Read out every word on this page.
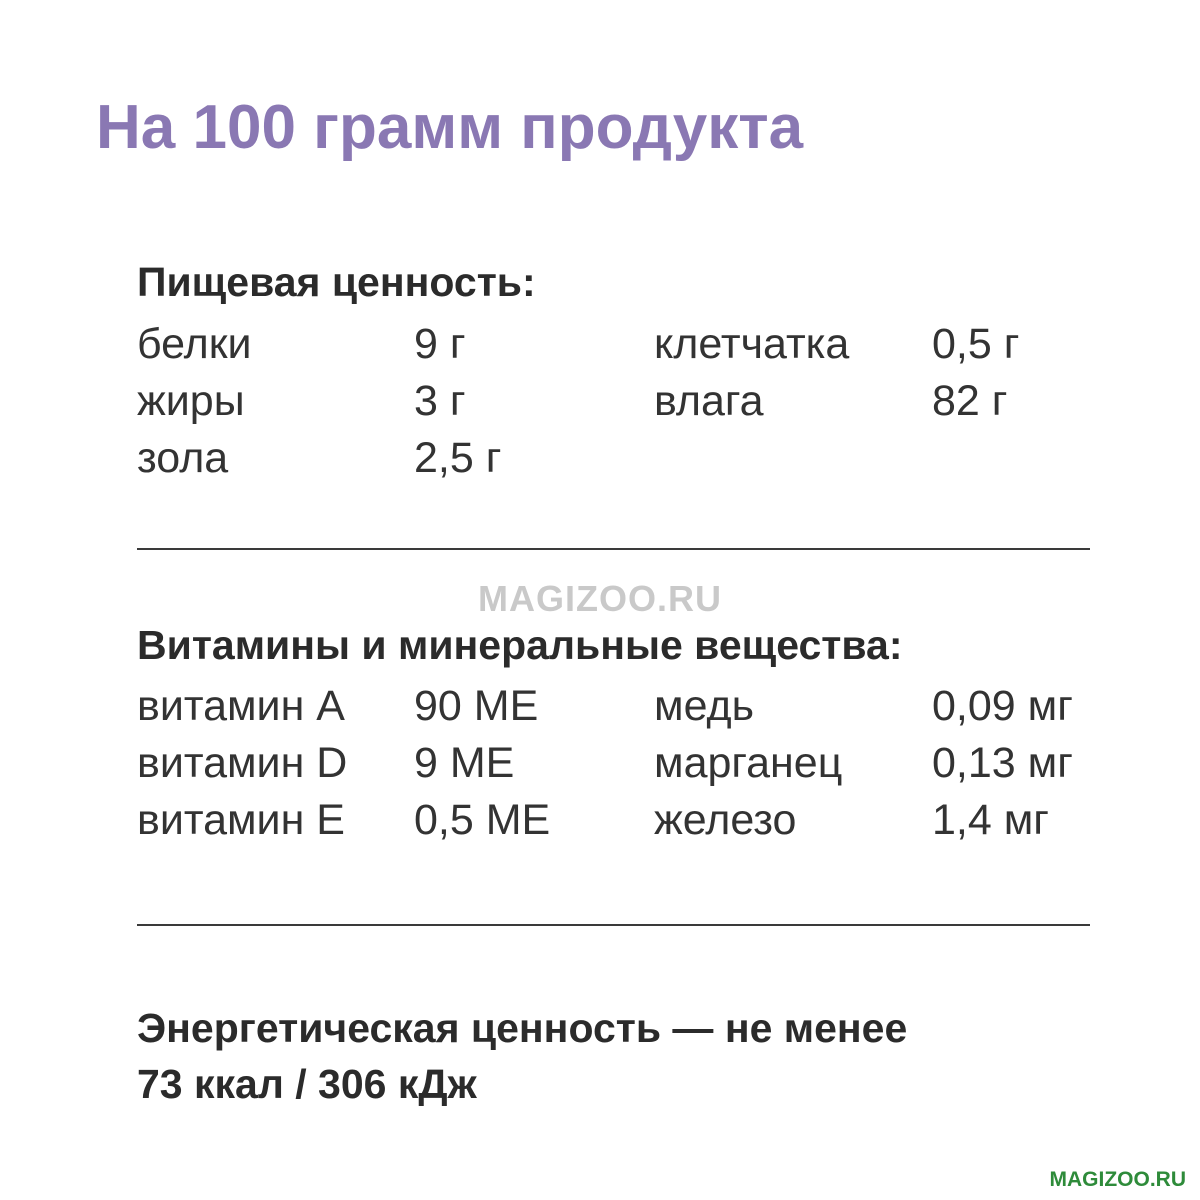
На 100 грамм продукта
Пищевая ценность:
белки	9 г	клетчатка 0,5 г
жиры	3 г	влага	82 г
зола	2,5 г
MAGIZOO.RU
Витамины и минеральные вещества:
витамин A 90 МЕ	медь	0,09 мг
витамин D 9 МЕ	марганец 0,13 мг
витамин E 0,5 МЕ железо	1,4 мг

Энергетическая ценность — не менее
73 ккал / 306 кДж

MAGIZOO.RU
